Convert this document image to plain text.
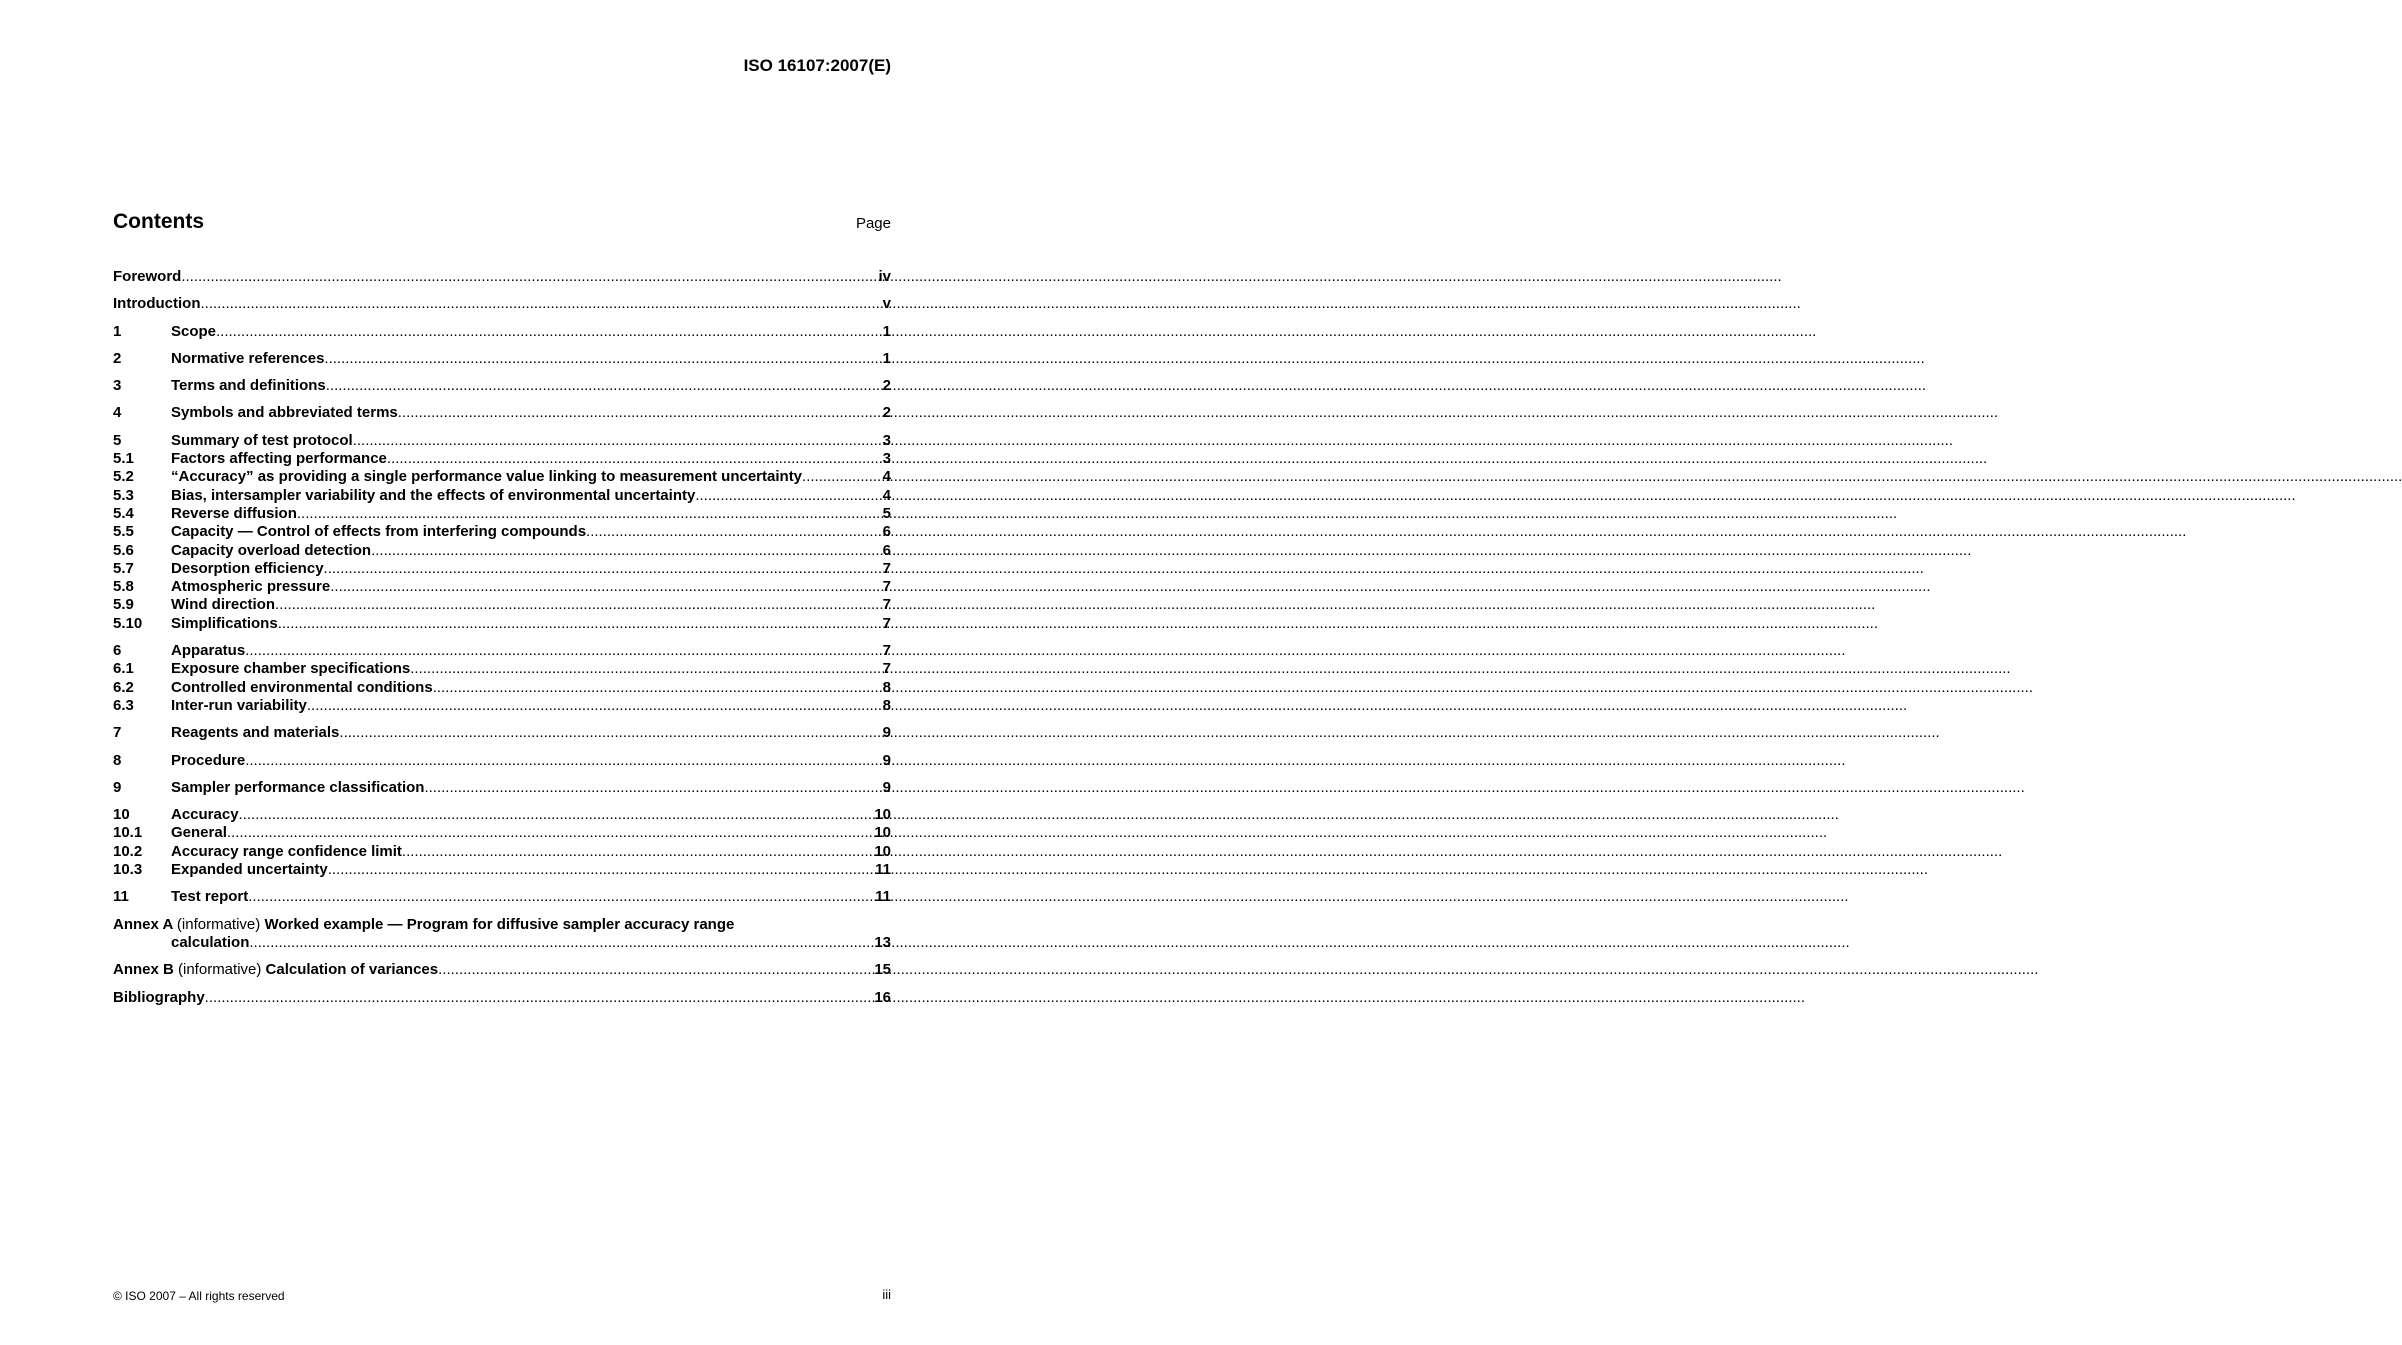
ISO 16107:2007(E)
Contents	Page
Foreword .....	iv
Introduction .....	v
1	Scope .....	1
2	Normative references .....	1
3	Terms and definitions .....	2
4	Symbols and abbreviated terms .....	2
5	Summary of test protocol .....	3
5.1	Factors affecting performance .....	3
5.2	“Accuracy” as providing a single performance value linking to measurement uncertainty .....	4
5.3	Bias, intersampler variability and the effects of environmental uncertainty .....	4
5.4	Reverse diffusion .....	5
5.5	Capacity — Control of effects from interfering compounds .....	6
5.6	Capacity overload detection .....	6
5.7	Desorption efficiency .....	7
5.8	Atmospheric pressure .....	7
5.9	Wind direction .....	7
5.10	Simplifications .....	7
6	Apparatus .....	7
6.1	Exposure chamber specifications .....	7
6.2	Controlled environmental conditions .....	8
6.3	Inter-run variability .....	8
7	Reagents and materials .....	9
8	Procedure .....	9
9	Sampler performance classification .....	9
10	Accuracy .....	10
10.1	General .....	10
10.2	Accuracy range confidence limit .....	10
10.3	Expanded uncertainty .....	11
11	Test report .....	11
Annex A (informative) Worked example — Program for diffusive sampler accuracy range
calculation .....	13
Annex B (informative) Calculation of variances .....	15
Bibliography .....	16
© ISO 2007 – All rights reserved	iii
